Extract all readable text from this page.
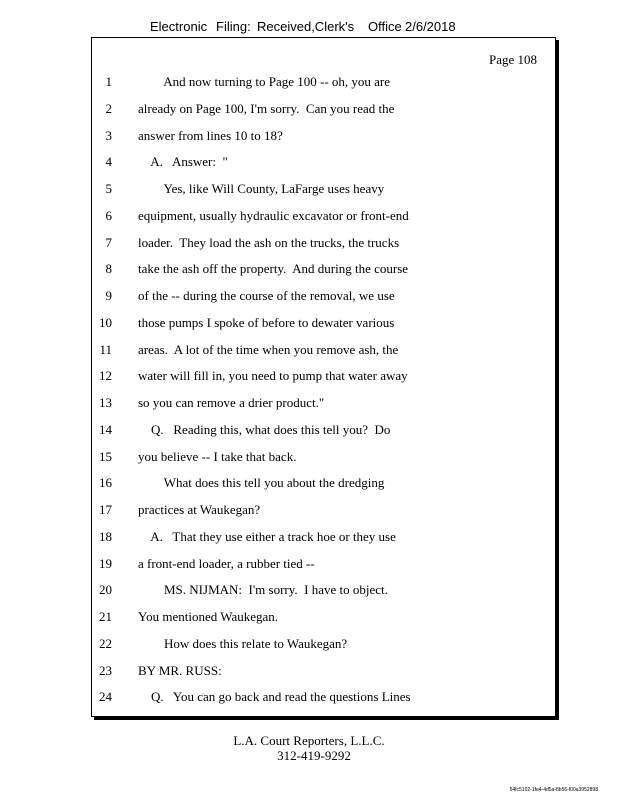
Electronic Filing: Received,Clerk's Office 2/6/2018
Page 108
1 And now turning to Page 100 -- oh, you are
2 already on Page 100, I'm sorry.  Can you read the
3 answer from lines 10 to 18?
4 A.   Answer:  "
5 Yes, like Will County, LaFarge uses heavy
6 equipment, usually hydraulic excavator or front-end
7 loader.  They load the ash on the trucks, the trucks
8 take the ash off the property.  And during the course
9 of the -- during the course of the removal, we use
10 those pumps I spoke of before to dewater various
11 areas.  A lot of the time when you remove ash, the
12 water will fill in, you need to pump that water away
13 so you can remove a drier product."
14 Q.   Reading this, what does this tell you?  Do
15 you believe -- I take that back.
16 What does this tell you about the dredging
17 practices at Waukegan?
18 A.   That they use either a track hoe or they use
19 a front-end loader, a rubber tied --
20 MS. NIJMAN:  I'm sorry.  I have to object.
21 You mentioned Waukegan.
22 How does this relate to Waukegan?
23 BY MR. RUSS:
24 Q.   You can go back and read the questions Lines
L.A. Court Reporters, L.L.C.
312-419-9292
54fc5102-1fe4-4d5a-8b56-f00a3952898
